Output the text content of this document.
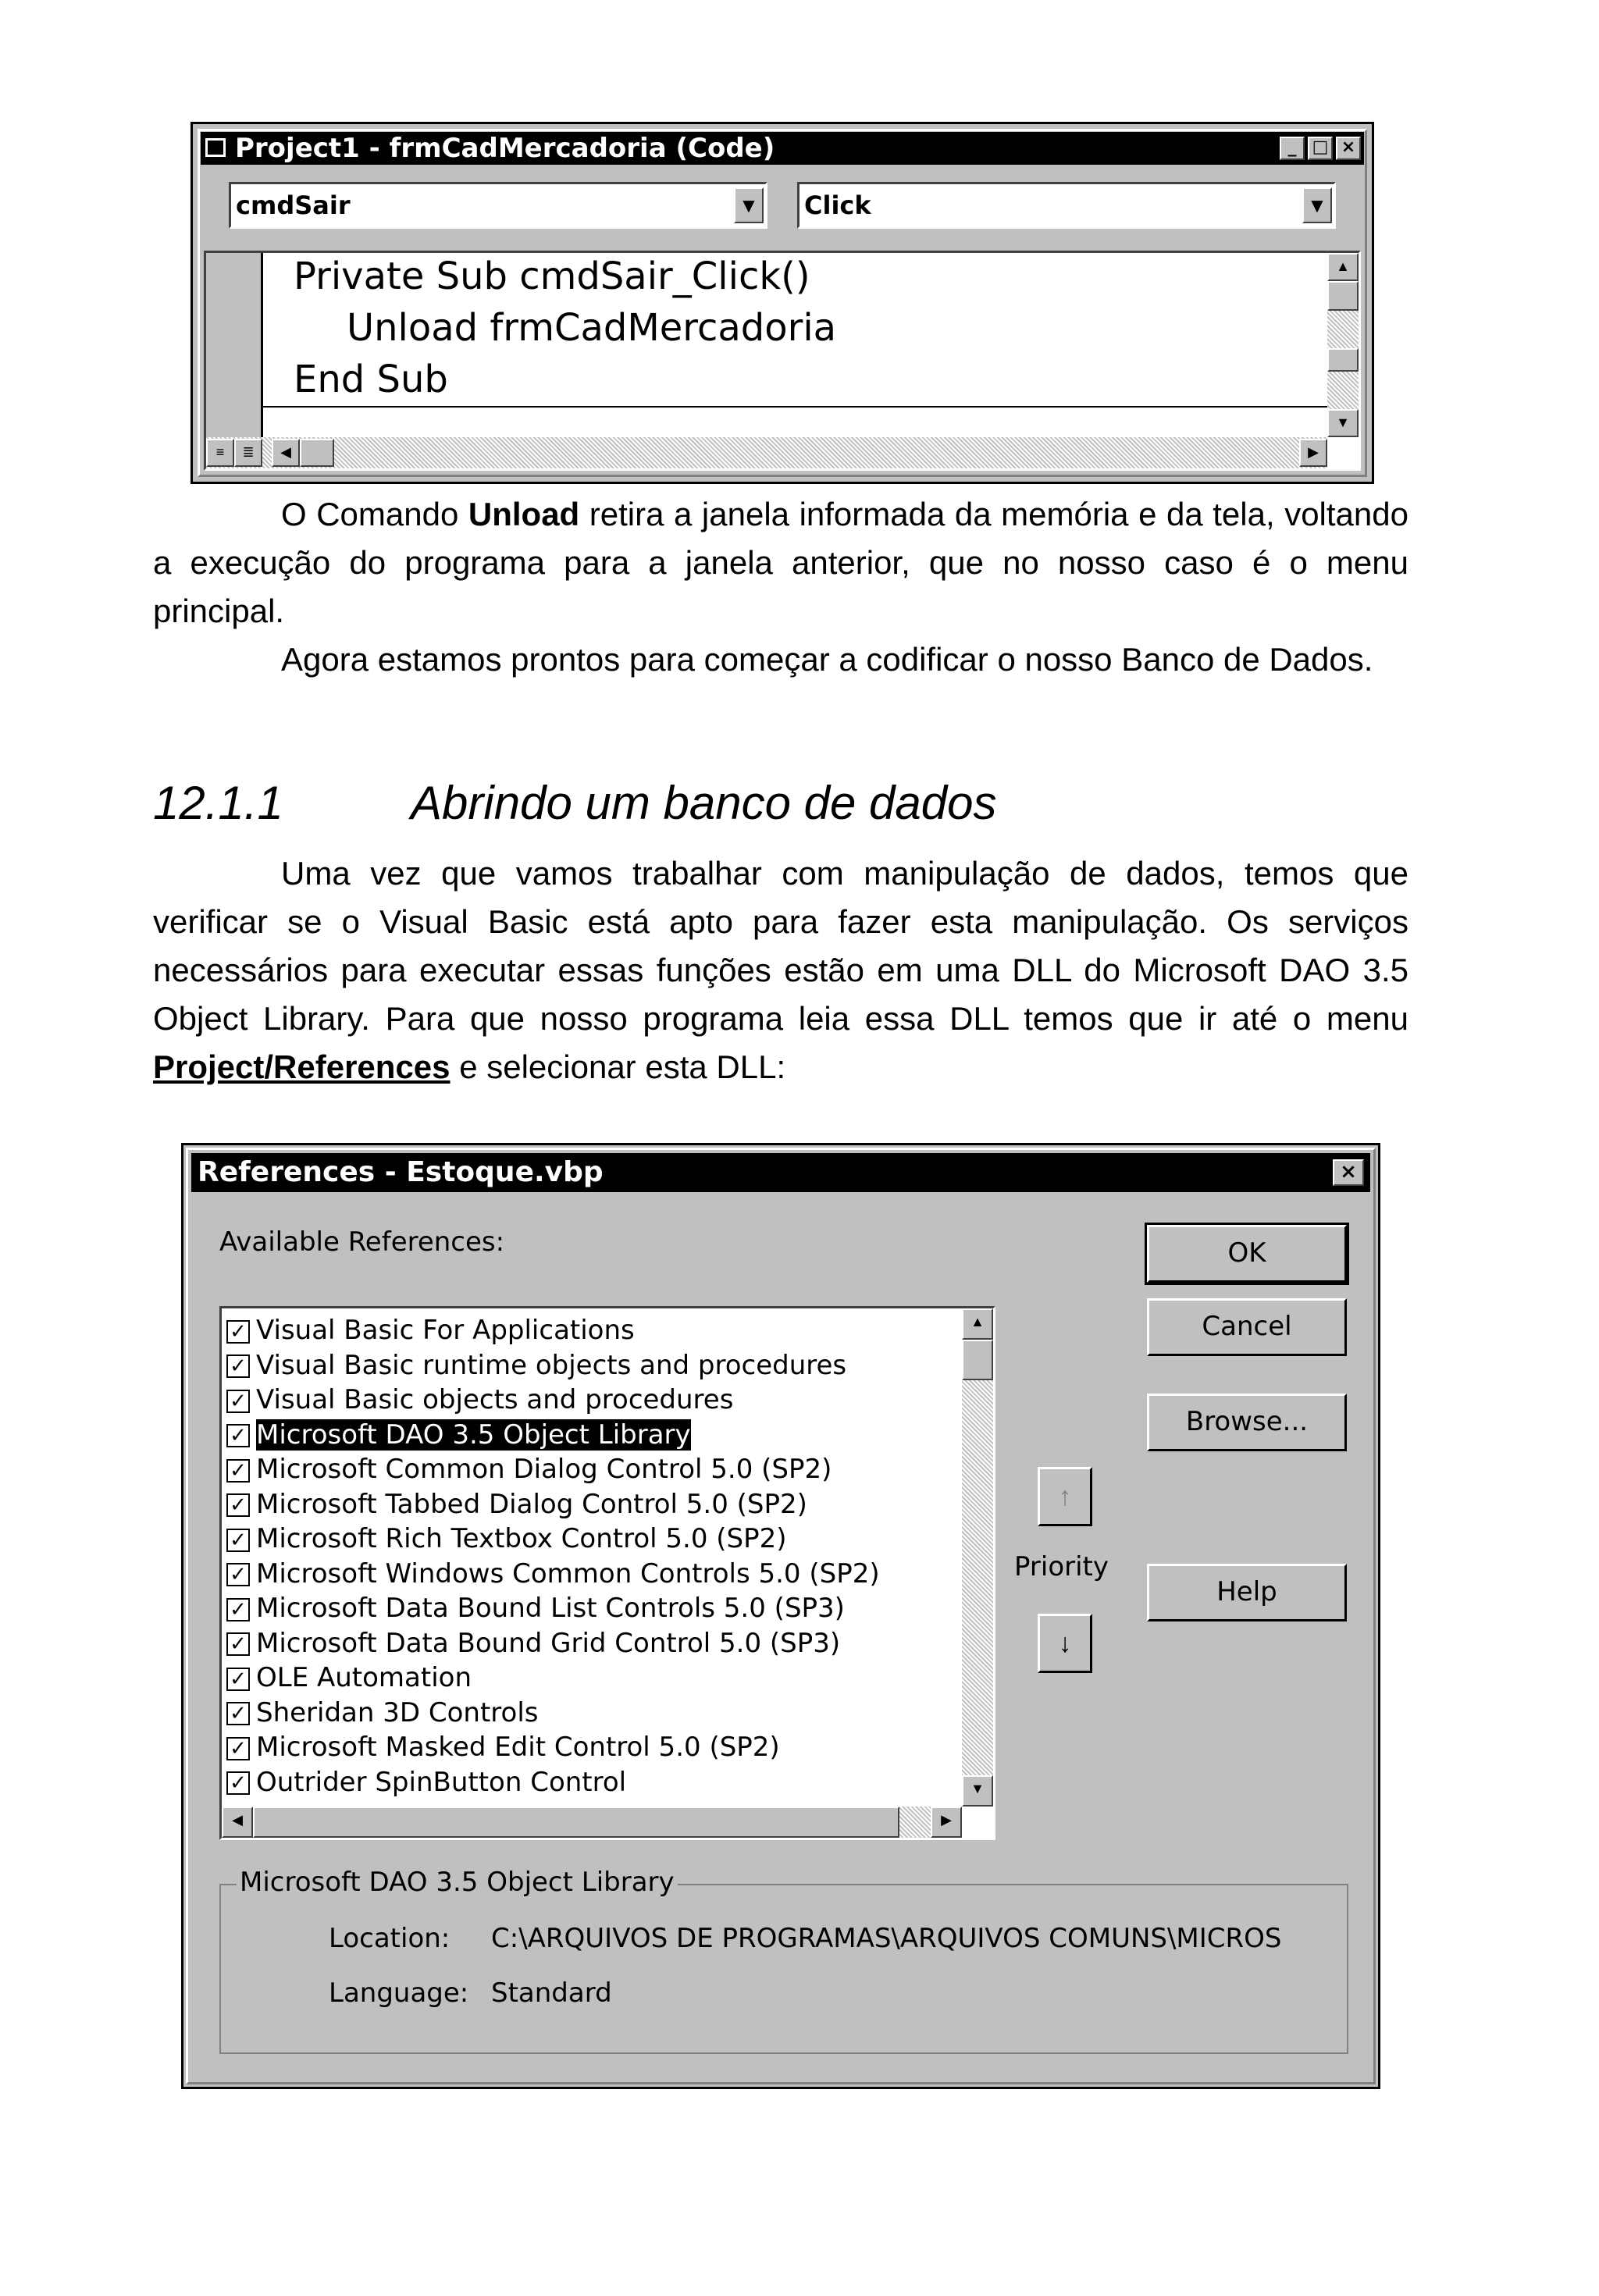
Project1 - frmCadMercadoria (Code)	_ □ ×
cmdSair	▼	Click	▼
Private Sub cmdSair_Click()
Unload frmCadMercadoria
End Sub
▲
▼
≡	≣	◀	▶

O Comando Unload retira a janela informada da memória e da tela, voltando a execução do programa para a janela anterior, que no nosso caso é o menu principal.

Agora estamos prontos para começar a codificar o nosso Banco de Dados.

12.1.1	Abrindo um banco de dados

Uma vez que vamos trabalhar com manipulação de dados, temos que verificar se o Visual Basic está apto para fazer esta manipulação. Os serviços necessários para executar essas funções estão em uma DLL do Microsoft DAO 3.5 Object Library. Para que nosso programa leia essa DLL temos que ir até o menu Project/References e selecionar esta DLL:

References - Estoque.vbp	×
Available References:
▲
▼
◀	▶
✓ Visual Basic For Applications
✓ Visual Basic runtime objects and procedures
✓ Visual Basic objects and procedures
✓ Microsoft DAO 3.5 Object Library
✓ Microsoft Common Dialog Control 5.0 (SP2)
✓ Microsoft Tabbed Dialog Control 5.0 (SP2)
✓ Microsoft Rich Textbox Control 5.0 (SP2)
✓ Microsoft Windows Common Controls 5.0 (SP2)
✓ Microsoft Data Bound List Controls 5.0 (SP3)
✓ Microsoft Data Bound Grid Control 5.0 (SP3)
✓ OLE Automation
✓ Sheridan 3D Controls
✓ Microsoft Masked Edit Control 5.0 (SP2)
✓ Outrider SpinButton Control
OK
Cancel
Browse...
Help
↑
Priority
↓
Microsoft DAO 3.5 Object Library
Location: C:\ARQUIVOS DE PROGRAMAS\ARQUIVOS COMUNS\MICROS
Language: Standard
